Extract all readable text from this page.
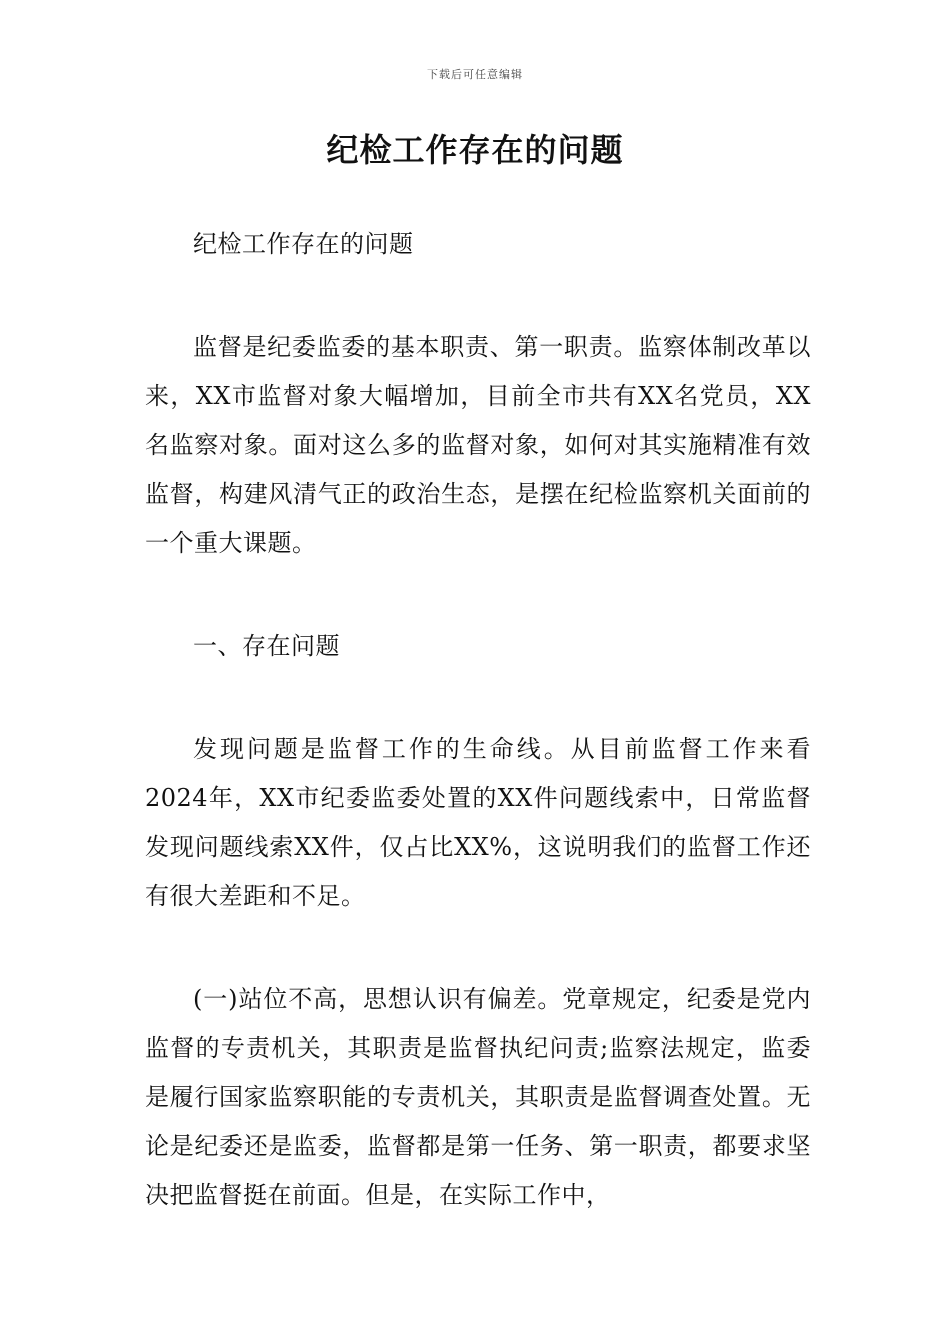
下载后可任意编辑
纪检工作存在的问题

纪检工作存在的问题

监督是纪委监委的基本职责、第一职责。监察体制改革以来，XX市监督对象大幅增加，目前全市共有XX名党员，XX名监察对象。面对这么多的监督对象，如何对其实施精准有效监督，构建风清气正的政治生态，是摆在纪检监察机关面前的一个重大课题。

一、存在问题

发现问题是监督工作的生命线。从目前监督工作来看2024年，XX市纪委监委处置的XX件问题线索中，日常监督发现问题线索XX件，仅占比XX%，这说明我们的监督工作还有很大差距和不足。

(一)站位不高，思想认识有偏差。党章规定，纪委是党内监督的专责机关，其职责是监督执纪问责;监察法规定，监委是履行国家监察职能的专责机关，其职责是监督调查处置。无论是纪委还是监委，监督都是第一任务、第一职责，都要求坚决把监督挺在前面。但是，在实际工作中，
